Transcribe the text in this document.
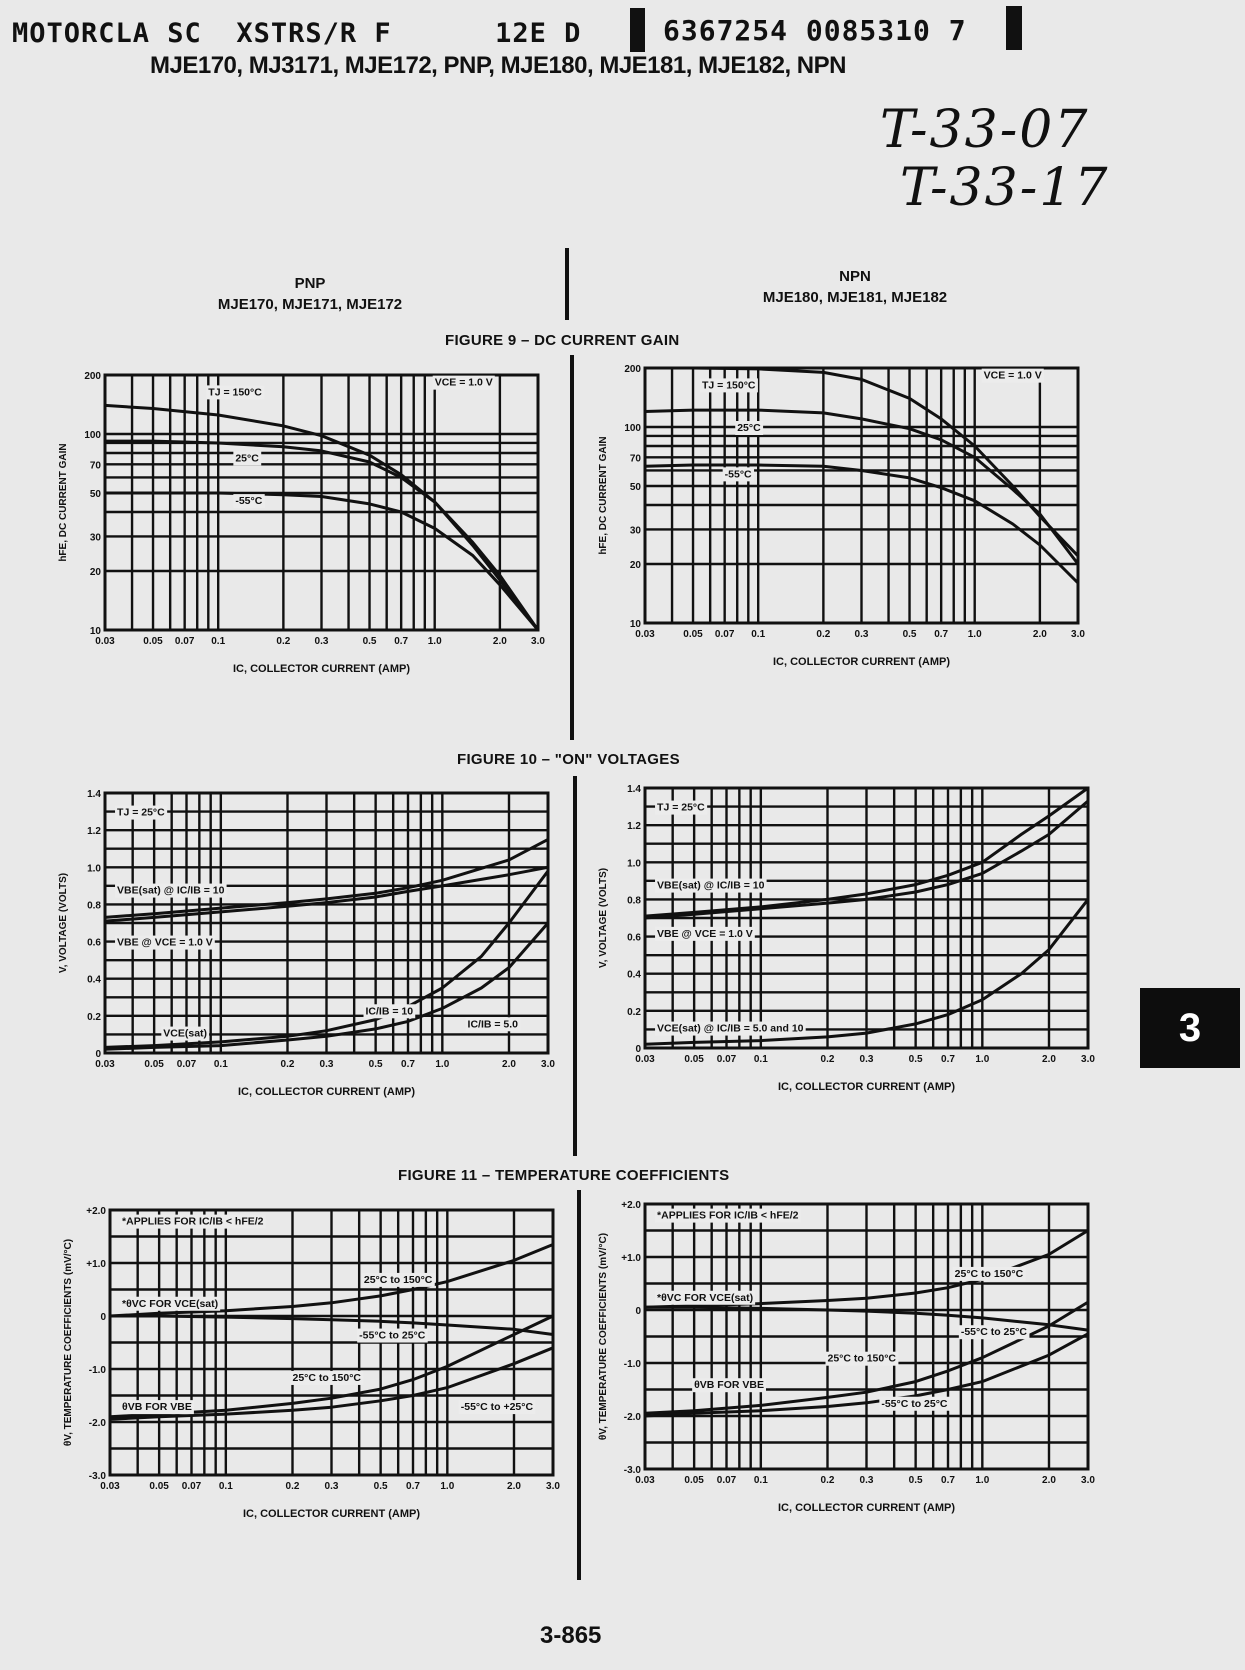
MOTORCLA SC  XSTRS/R F      12E D	6367254 0085310 7
MJE170, MJ3171, MJE172, PNP, MJE180, MJE181, MJE182, NPN
T-33-07
T-33-17
PNP
MJE170, MJE171, MJE172
NPN
MJE180, MJE181, MJE182
FIGURE 9 – DC CURRENT GAIN
FIGURE 10 – "ON" VOLTAGES
FIGURE 11 – TEMPERATURE COEFFICIENTS
0.03	0.05 0.07 0.1	0.2 0.3	0.5 0.7 1.0	2.0 3.0
10
20
30
50
70
100
200
IC, COLLECTOR CURRENT (AMP)
hFE, DC CURRENT GAIN
VCE = 1.0 V
TJ = 150°C
25°C
-55°C
0.03	0.05 0.07 0.1	0.2 0.3	0.5 0.7 1.0	2.0 3.0
10
20
30
50
70
100
200
IC, COLLECTOR CURRENT (AMP)
hFE, DC CURRENT GAIN
VCE = 1.0 V
TJ = 150°C
25°C
-55°C
0.03	0.05 0.07 0.1	0.2	0.3	0.5 0.7 1.0	2.0	3.0
0
0.2
0.4
0.6
0.8
1.0
1.2
1.4
IC, COLLECTOR CURRENT (AMP)
V, VOLTAGE (VOLTS)
TJ = 25°C
VBE(sat) @ IC/IB = 10
VBE @ VCE = 1.0 V
IC/IB = 10
IC/IB = 5.0
VCE(sat)
0.03	0.05 0.07 0.1	0.2	0.3	0.5 0.7 1.0	2.0	3.0
0
0.2
0.4
0.6
0.8
1.0
1.2
1.4
IC, COLLECTOR CURRENT (AMP)
V, VOLTAGE (VOLTS)
TJ = 25°C
VBE(sat) @ IC/IB = 10
VBE @ VCE = 1.0 V
VCE(sat) @ IC/IB = 5.0 and 10
0.03	0.05 0.07 0.1	0.2	0.3	0.5 0.7 1.0	2.0	3.0
-3.0
-2.0
-1.0
0
+1.0
+2.0
IC, COLLECTOR CURRENT (AMP)
θV, TEMPERATURE COEFFICIENTS (mV/°C)
*APPLIES FOR IC/IB < hFE/2
25°C to 150°C
*θVC FOR VCE(sat)
-55°C to 25°C
25°C to 150°C
θVB FOR VBE	-55°C to +25°C
0.03	0.05 0.07 0.1	0.2	0.3	0.5 0.7 1.0	2.0	3.0
-3.0
-2.0
-1.0
0
+1.0
+2.0
IC, COLLECTOR CURRENT (AMP)
θV, TEMPERATURE COEFFICIENTS (mV/°C)
*APPLIES FOR IC/IB < hFE/2
25°C to 150°C
*θVC FOR VCE(sat)
-55°C to 25°C
25°C to 150°C
θVB FOR VBE
-55°C to 25°C
3
3-865
